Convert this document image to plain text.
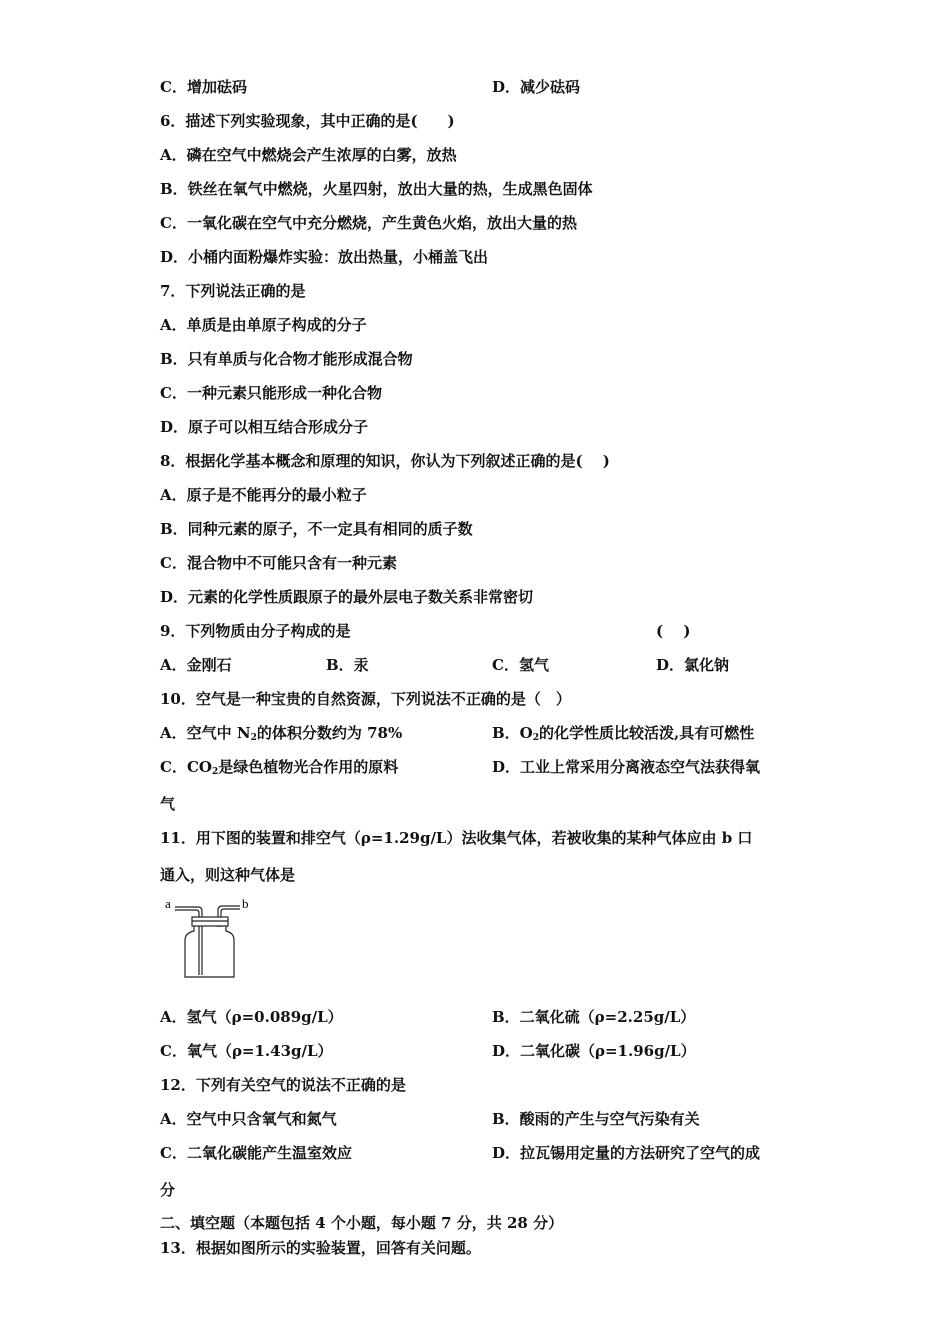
C．增加砝码	D．减少砝码
6．描述下列实验现象，其中正确的是(　　)
A．磷在空气中燃烧会产生浓厚的白雾，放热
B．铁丝在氧气中燃烧，火星四射，放出大量的热，生成黑色固体
C．一氧化碳在空气中充分燃烧，产生黄色火焰，放出大量的热
D．小桶内面粉爆炸实验：放出热量，小桶盖飞出
7．下列说法正确的是
A．单质是由单原子构成的分子
B．只有单质与化合物才能形成混合物
C．一种元素只能形成一种化合物
D．原子可以相互结合形成分子
8．根据化学基本概念和原理的知识，你认为下列叙述正确的是(　 )
A．原子是不能再分的最小粒子
B．同种元素的原子，不一定具有相同的质子数
C．混合物中不可能只含有一种元素
D．元素的化学性质跟原子的最外层电子数关系非常密切
9．下列物质由分子构成的是	(　 )
A．金刚石	B．汞	C．氢气	D．氯化钠
10．空气是一种宝贵的自然资源，下列说法不正确的是（　）
A．空气中 $N_2$的体积分数约为 78%	B．$O_2$的化学性质比较活泼,具有可燃性
C．$CO_2$是绿色植物光合作用的原料	D．工业上常采用分离液态空气法获得氧
气
11．用下图的装置和排空气（ρ=1.29g/L）法收集气体，若被收集的某种气体应由 b 口
通入，则这种气体是
a	b
A．氢气（ρ=0.089g/L）	B．二氧化硫（ρ=2.25g/L）
C．氧气（ρ=1.43g/L）	D．二氧化碳（ρ=1.96g/L）
12．下列有关空气的说法不正确的是
A．空气中只含氧气和氮气	B．酸雨的产生与空气污染有关
C．二氧化碳能产生温室效应	D．拉瓦锡用定量的方法研究了空气的成
分
二、填空题（本题包括 4 个小题，每小题 7 分，共 28 分）
13．根据如图所示的实验装置，回答有关问题。
